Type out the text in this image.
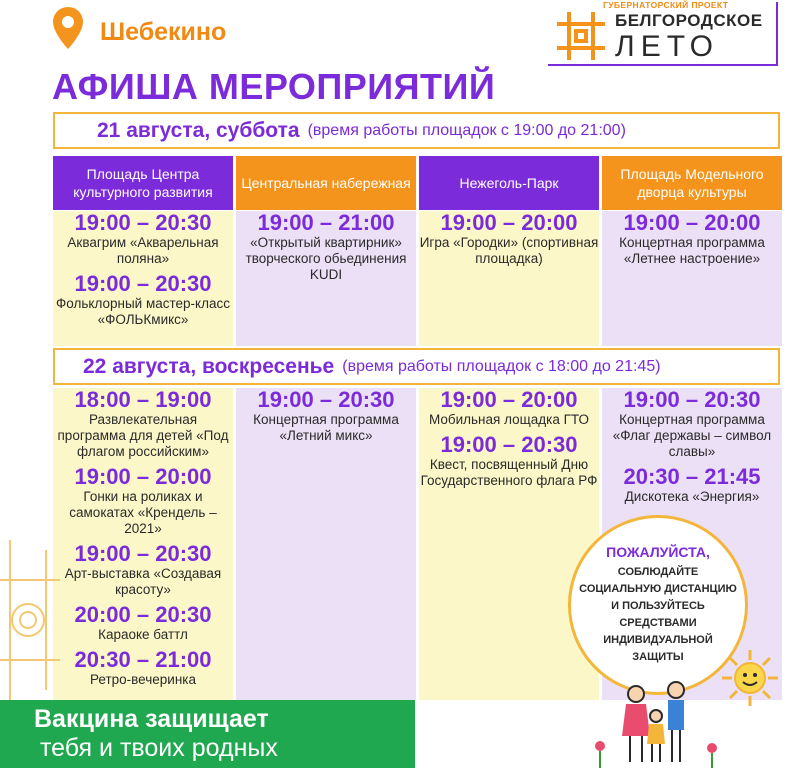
Шебекино
АФИША МЕРОПРИЯТИЙ
ГУБЕРНАТОРСКИЙ ПРОЕКТ
БЕЛГОРОДСКОЕ
ЛЕТО
21 августа, суббота (время работы площадок с 19:00 до 21:00)
Площадь Центра культурного развития
Центральная набережная	Нежеголь-Парк
Площадь Модельного дворца культуры
19:00 – 20:30
Аквагрим «Акварельная поляна»
19:00 – 20:30
Фольклорный мастер-класс «ФОЛЬКмикс»
19:00 – 21:00
«Открытый квартирник» творческого обьединения KUDI
19:00 – 20:00
Игра «Городки» (спортивная площадка)
19:00 – 20:00
Концертная программа «Летнее настроение»
22 августа, воскресенье (время работы площадок с 18:00 до 21:45)
18:00 – 19:00
Развлекательная программа для детей «Под флагом российским»
19:00 – 20:00
Гонки на роликах и самокатах «Крендель – 2021»
19:00 – 20:30
Арт-выставка «Создавая красоту»
20:00 – 20:30
Караоке баттл
20:30 – 21:00
Ретро-вечеринка
19:00 – 20:30
Концертная программа «Летний микс»
19:00 – 20:00
Мобильная лощадка ГТО
19:00 – 20:30
Квест, посвященный Дню Государственного флага РФ
19:00 – 20:30
Концертная программа «Флаг державы – символ славы»
20:30 – 21:45
Дискотека «Энергия»
ПОЖАЛУЙСТА,
СОБЛЮДАЙТЕ
СОЦИАЛЬНУЮ ДИСТАНЦИЮ
И ПОЛЬЗУЙТЕСЬ
СРЕДСТВАМИ
ИНДИВИДУАЛЬНОЙ
ЗАЩИТЫ
Вакцина защищает
тебя и твоих родных
